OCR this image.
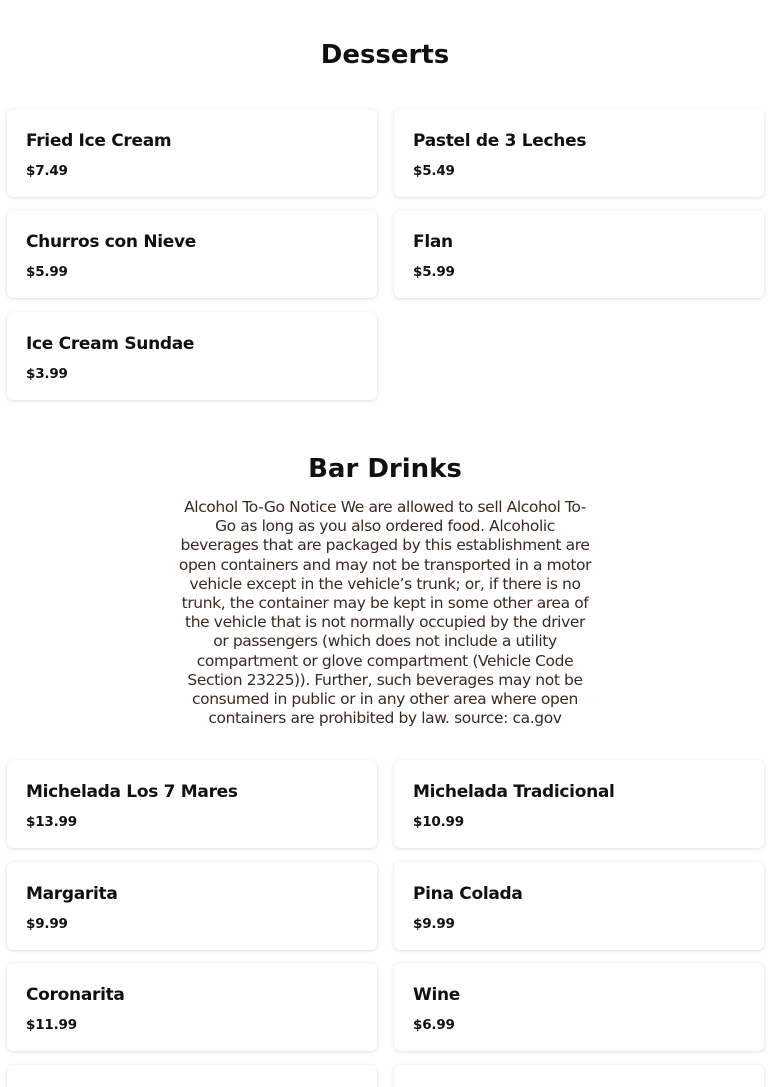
Desserts
Fried Ice Cream
$7.49
Pastel de 3 Leches
$5.49
Churros con Nieve
$5.99
Flan
$5.99
Ice Cream Sundae
$3.99
Bar Drinks
Alcohol To-Go Notice We are allowed to sell Alcohol To-Go as long as you also ordered food. Alcoholic beverages that are packaged by this establishment are open containers and may not be transported in a motor vehicle except in the vehicle’s trunk; or, if there is no trunk, the container may be kept in some other area of the vehicle that is not normally occupied by the driver or passengers (which does not include a utility compartment or glove compartment (Vehicle Code Section 23225)). Further, such beverages may not be consumed in public or in any other area where open containers are prohibited by law. source: ca.gov
Michelada Los 7 Mares
$13.99
Michelada Tradicional
$10.99
Margarita
$9.99
Pina Colada
$9.99
Coronarita
$11.99
Wine
$6.99
